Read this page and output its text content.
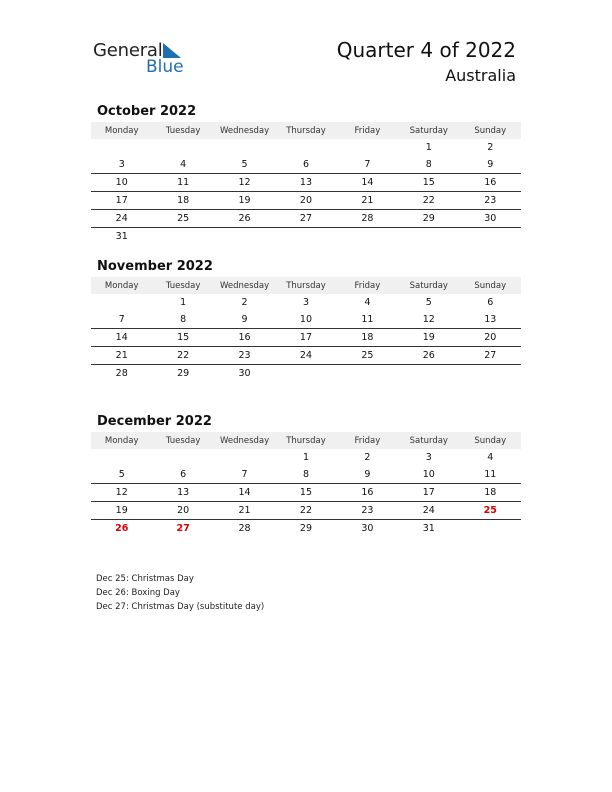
General
Blue
Quarter 4 of 2022
Australia
October 2022
Monday	Tuesday	Wednesday	Thursday	Friday	Saturday	Sunday
					1	2
3	4	5	6	7	8	9
10	11	12	13	14	15	16
17	18	19	20	21	22	23
24	25	26	27	28	29	30
31						
November 2022
Monday	Tuesday	Wednesday	Thursday	Friday	Saturday	Sunday
	1	2	3	4	5	6
7	8	9	10	11	12	13
14	15	16	17	18	19	20
21	22	23	24	25	26	27
28	29	30				
December 2022
Monday	Tuesday	Wednesday	Thursday	Friday	Saturday	Sunday
			1	2	3	4
5	6	7	8	9	10	11
12	13	14	15	16	17	18
19	20	21	22	23	24	25
26	27	28	29	30	31	
Dec 25: Christmas Day
Dec 26: Boxing Day
Dec 27: Christmas Day (substitute day)
